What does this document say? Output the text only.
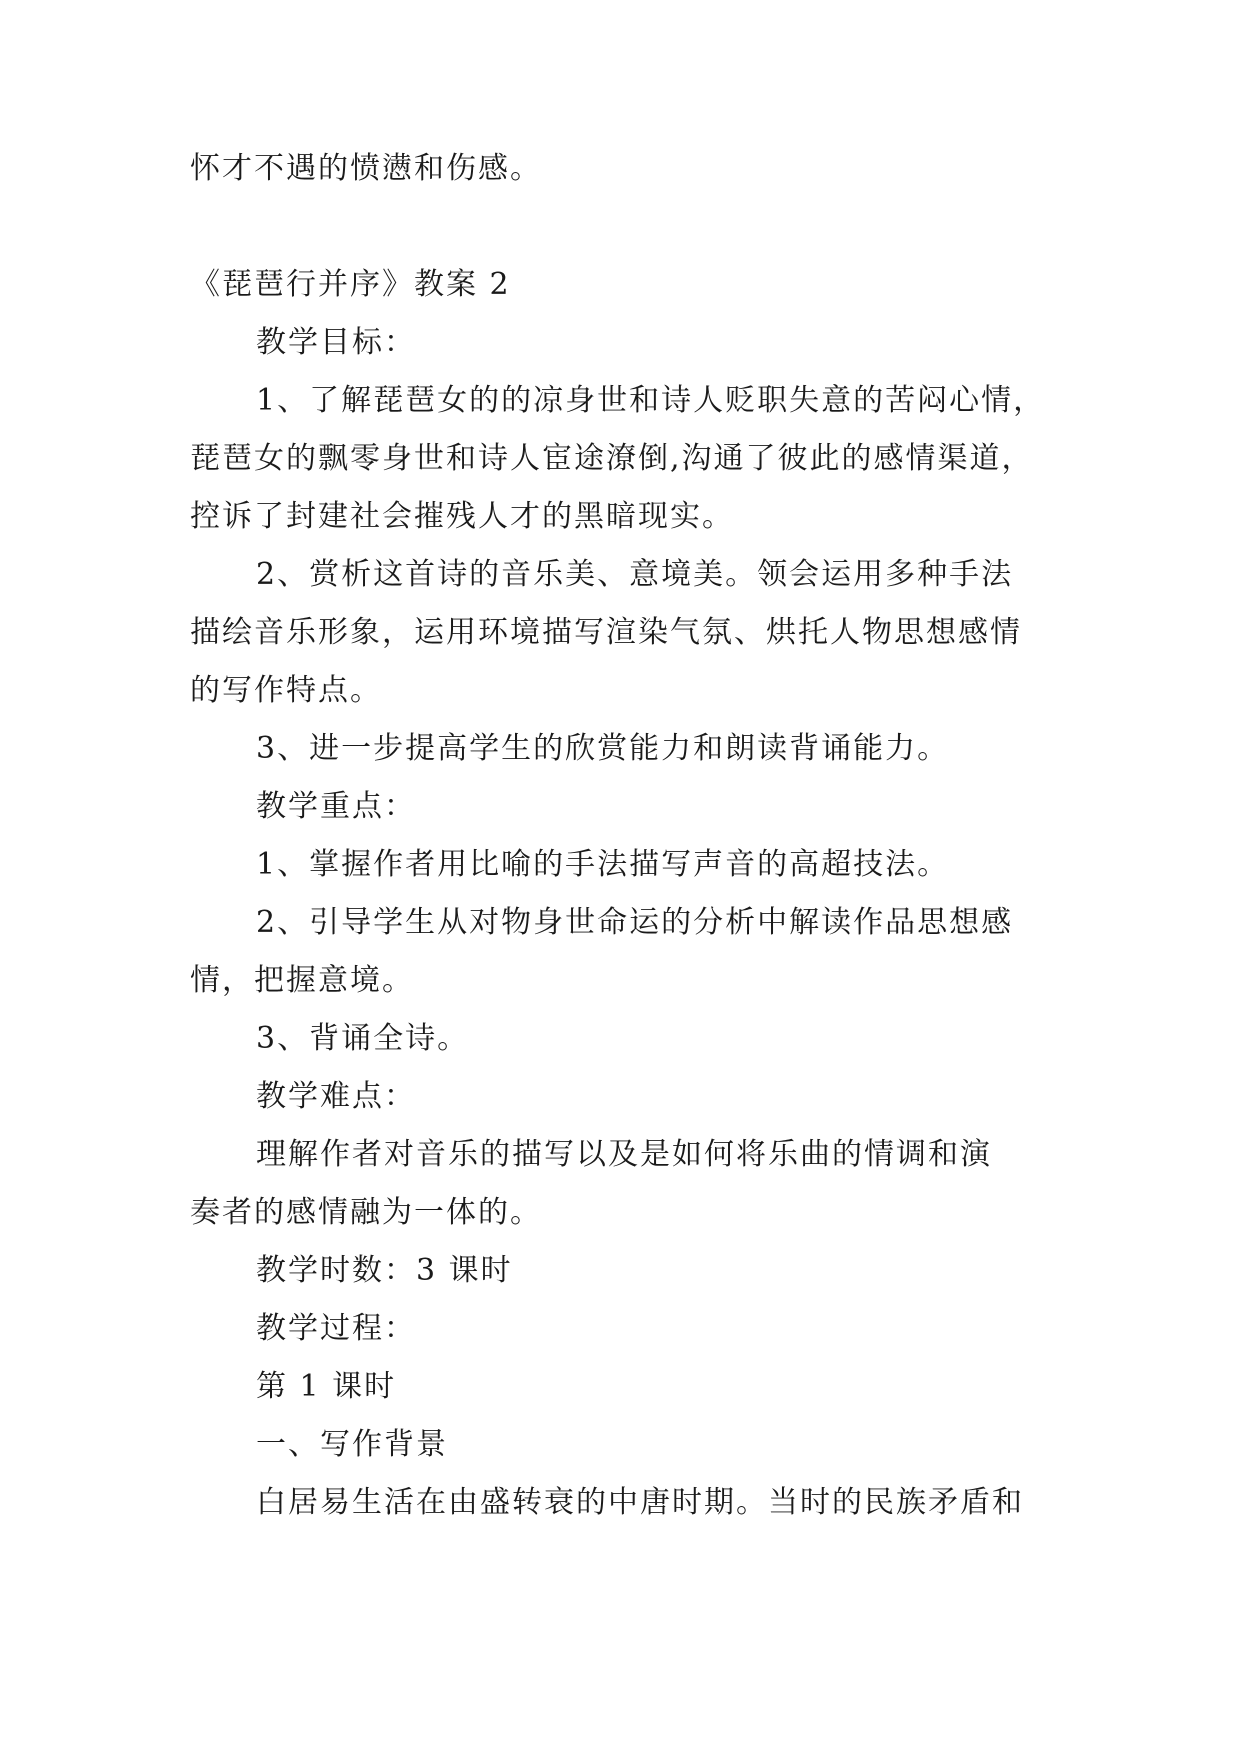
怀才不遇的愤懑和伤感。
《琵琶行并序》教案 2
教学目标：
1、了解琵琶女的的凉身世和诗人贬职失意的苦闷心情，
琵琶女的飘零身世和诗人宦途潦倒,沟通了彼此的感情渠道，
控诉了封建社会摧残人才的黑暗现实。
2、赏析这首诗的音乐美、意境美。领会运用多种手法
描绘音乐形象，运用环境描写渲染气氛、烘托人物思想感情
的写作特点。
3、进一步提高学生的欣赏能力和朗读背诵能力。
教学重点：
1、掌握作者用比喻的手法描写声音的高超技法。
2、引导学生从对物身世命运的分析中解读作品思想感
情，把握意境。
3、背诵全诗。
教学难点：
理解作者对音乐的描写以及是如何将乐曲的情调和演
奏者的感情融为一体的。
教学时数：3 课时
教学过程：
第 1 课时
一、写作背景
白居易生活在由盛转衰的中唐时期。当时的民族矛盾和
